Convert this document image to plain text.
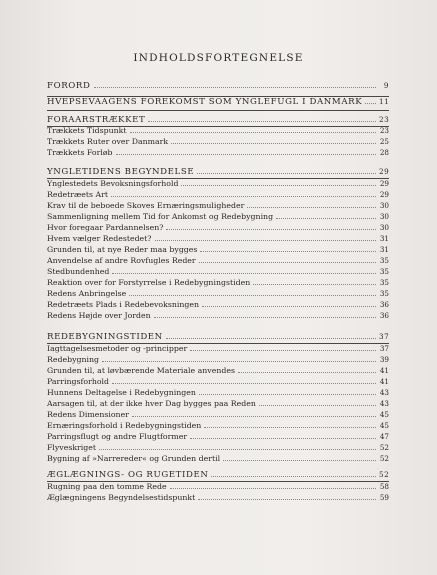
INDHOLDSFORTEGNELSE
FORORD	9
HVEPSEVAAGENS FOREKOMST SOM YNGLEFUGL I DANMARK 11
FORAARSTRÆKKET	23
Trækkets Tidspunkt	23
Trækkets Ruter over Danmark	25
Trækkets Forløb	28
YNGLETIDENS BEGYNDELSE	29
Ynglestedets Bevoksningsforhold	29
Redetræets Art	29
Krav til de beboede Skoves Ernæringsmuligheder	30
Sammenligning mellem Tid for Ankomst og Redebygning	30
Hvor foregaar Pardannelsen?	30
Hvem vælger Redestedet?	31
Grunden til, at nye Reder maa bygges	31
Anvendelse af andre Rovfugles Reder	35
Stedbundenhed	35
Reaktion over for Forstyrrelse i Redebygningstiden	35
Redens Anbringelse	35
Redetræets Plads i Redebevoksningen	36
Redens Højde over Jorden	36
REDEBYGNINGSTIDEN	37
Iagttagelsesmetoder og -principper	37
Redebygning	39
Grunden til, at løvbærende Materiale anvendes	41
Parringsforhold	41
Hunnens Deltagelse i Redebygningen	43
Aarsagen til, at der ikke hver Dag bygges paa Reden	43
Redens Dimensioner	45
Ernæringsforhold i Redebygningstiden	45
Parringsflugt og andre Flugtformer	47
Flyveskriget	52
Bygning af »Narrereder« og Grunden dertil	52
ÆGLÆGNINGS- OG RUGETIDEN	52
Rugning paa den tomme Rede	58
Æglægningens Begyndelsestidspunkt	59
